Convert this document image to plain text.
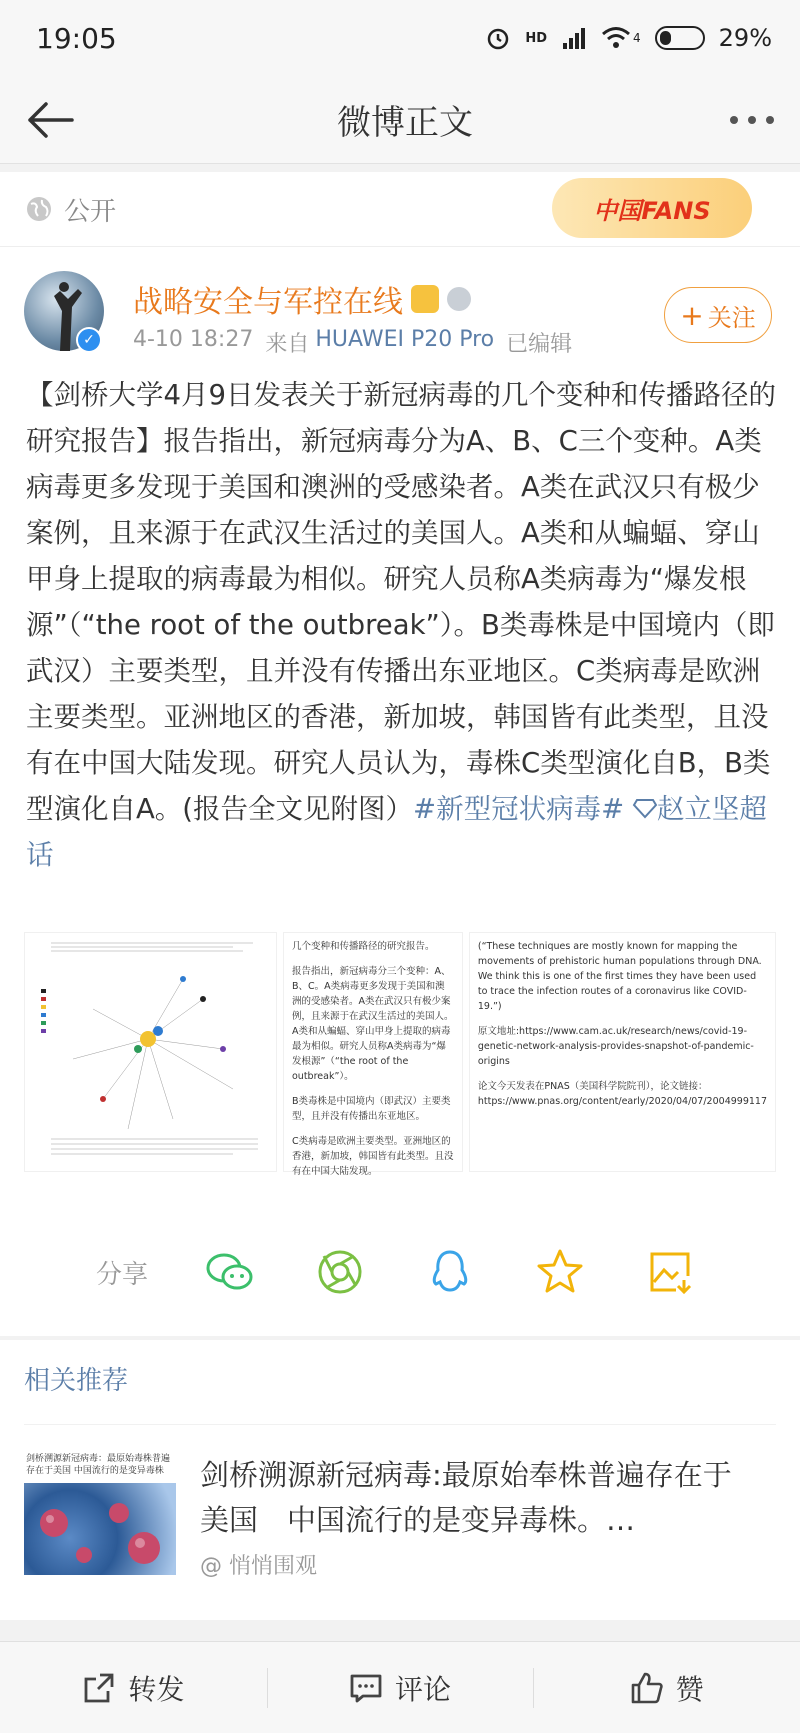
19:05	HD	4	29%
微博正文
公开	中国FANS
✓
战略安全与军控在线
4-10 18:27 来自 HUAWEI P20 Pro 已编辑
+ 关注
【剑桥大学4月9日发表关于新冠病毒的几个变种和传播路径的研究报告】报告指出，新冠病毒分为A、B、C三个变种。A类病毒更多发现于美国和澳洲的受感染者。A类在武汉只有极少案例，且来源于在武汉生活过的美国人。A类和从蝙蝠、穿山甲身上提取的病毒最为相似。研究人员称A类病毒为“爆发根源”（“the root of the outbreak”）。B类毒株是中国境内（即武汉）主要类型，且并没有传播出东亚地区。C类病毒是欧洲主要类型。亚洲地区的香港，新加坡，韩国皆有此类型，且没有在中国大陆发现。研究人员认为，毒株C类型演化自B，B类型演化自A。(报告全文见附图）#新型冠状病毒# 赵立坚超话

几个变种和传播路径的研究报告。

报告指出，新冠病毒分三个变种：A、B、C。A类病毒更多发现于美国和澳洲的受感染者。A类在武汉只有极少案例，且来源于在武汉生活过的美国人。A类和从蝙蝠、穿山甲身上提取的病毒最为相似。研究人员称A类病毒为“爆发根源”（“the root of the outbreak”）。

B类毒株是中国境内（即武汉）主要类型，且并没有传播出东亚地区。

C类病毒是欧洲主要类型。亚洲地区的香港，新加坡，韩国皆有此类型。且没有在中国大陆发现。

(“These techniques are mostly known for mapping the movements of prehistoric human populations through DNA. We think this is one of the first times they have been used to trace the infection routes of a coronavirus like COVID-19.”)

原文地址:https://www.cam.ac.uk/research/news/covid-19-genetic-network-analysis-provides-snapshot-of-pandemic-origins

论文今天发表在PNAS（美国科学院院刊），论文链接：https://www.pnas.org/content/early/2020/04/07/2004999117

分享
相关推荐
剑桥溯源新冠病毒：最原始毒株普遍存在于美国 中国流行的是变异毒株	剑桥溯源新冠病毒:最原始奉株普遍存在于美国　中国流行的是变异毒株。…
@ 悄悄围观
转发	评论	赞
